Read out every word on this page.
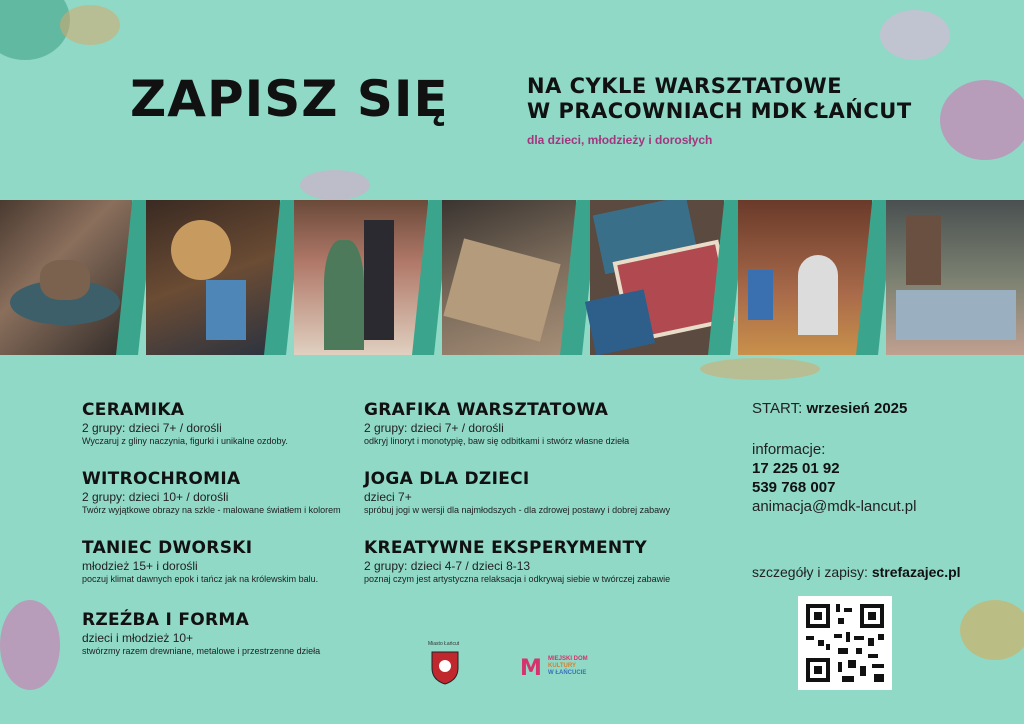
ZAPISZ SIĘ	NA CYKLE WARSZTATOWE
W PRACOWNIACH MDK ŁAŃCUT
dla dzieci, młodzieży i dorosłych
CERAMIKA
2 grupy: dzieci 7+ / dorośli
Wyczaruj z gliny naczynia, figurki i unikalne ozdoby.
WITROCHROMIA
2 grupy: dzieci 10+ / dorośli
Twórz wyjątkowe obrazy na szkle - malowane światłem i kolorem
TANIEC DWORSKI
młodzież 15+ i dorośli
poczuj klimat dawnych epok i tańcz jak na królewskim balu.
RZEŹBA I FORMA
dzieci i młodzież 10+
stwórzmy razem drewniane, metalowe i przestrzenne dzieła
GRAFIKA WARSZTATOWA
2 grupy: dzieci 7+ / dorośli
odkryj linoryt i monotypię, baw się odbitkami i stwórz własne dzieła
JOGA DLA DZIECI
dzieci 7+
spróbuj jogi w wersji dla najmłodszych - dla zdrowej postawy i dobrej zabawy
KREATYWNE EKSPERYMENTY
2 grupy: dzieci 4-7 / dzieci 8-13
poznaj czym jest artystyczna relaksacja i odkrywaj siebie w twórczej zabawie
START: wrzesień 2025
informacje:
17 225 01 92
539 768 007
animacja@mdk-lancut.pl
szczegóły i zapisy: strefazajec.pl
Miasto Łańcut
M MIEJSKI DOM
KULTURY
W ŁAŃCUCIE
